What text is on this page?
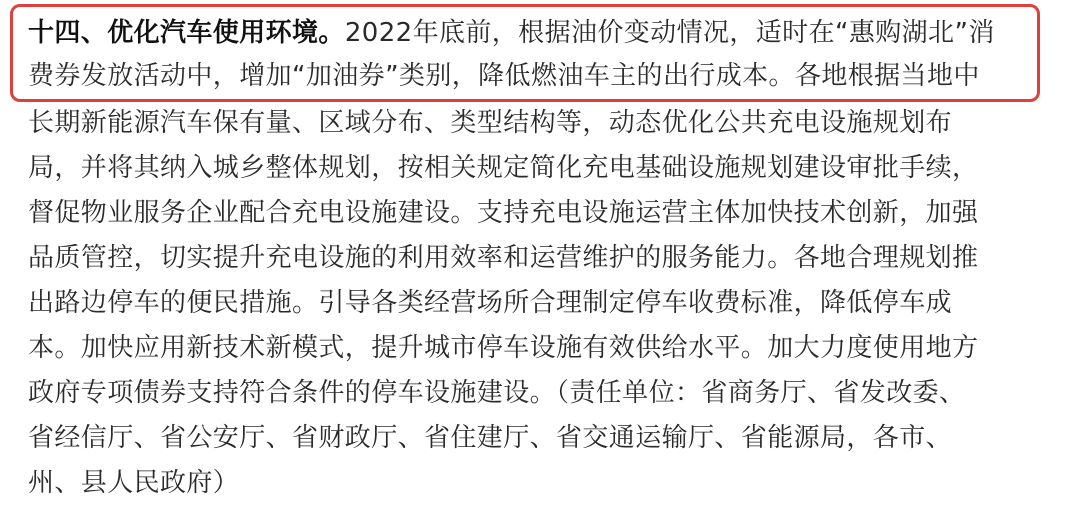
十四、优化汽车使用环境。2022年底前，根据油价变动情况，适时在“惠购湖北”消
费券发放活动中，增加“加油券”类别，降低燃油车主的出行成本。各地根据当地中
长期新能源汽车保有量、区域分布、类型结构等，动态优化公共充电设施规划布
局，并将其纳入城乡整体规划，按相关规定简化充电基础设施规划建设审批手续，
督促物业服务企业配合充电设施建设。支持充电设施运营主体加快技术创新，加强
品质管控，切实提升充电设施的利用效率和运营维护的服务能力。各地合理规划推
出路边停车的便民措施。引导各类经营场所合理制定停车收费标准，降低停车成
本。加快应用新技术新模式，提升城市停车设施有效供给水平。加大力度使用地方
政府专项债券支持符合条件的停车设施建设。（责任单位：省商务厅、省发改委、
省经信厅、省公安厅、省财政厅、省住建厅、省交通运输厅、省能源局，各市、
州、县人民政府）
